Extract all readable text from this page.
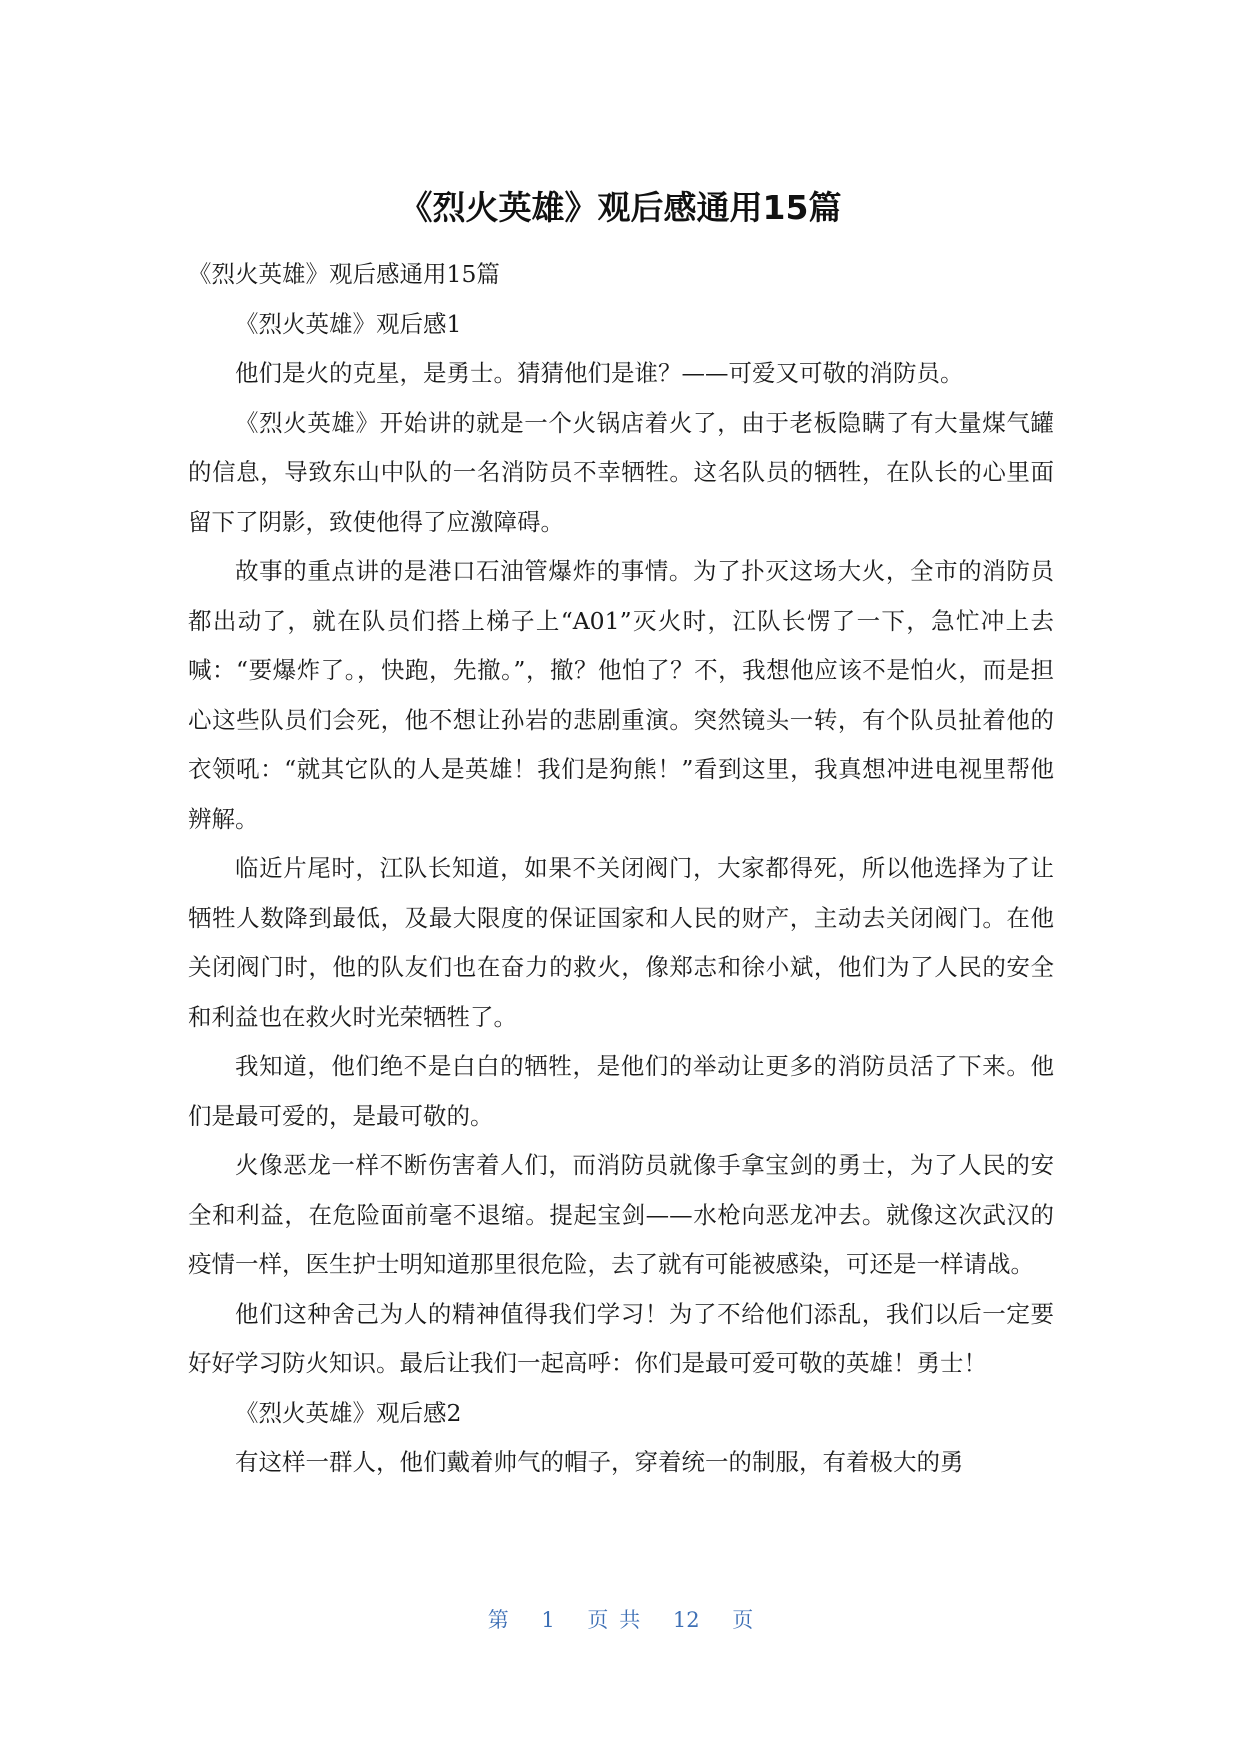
《烈火英雄》观后感通用15篇

《烈火英雄》观后感通用15篇

《烈火英雄》观后感1

他们是火的克星，是勇士。猜猜他们是谁？——可爱又可敬的消防员。

《烈火英雄》开始讲的就是一个火锅店着火了，由于老板隐瞒了有大量煤气罐的信息，导致东山中队的一名消防员不幸牺牲。这名队员的牺牲，在队长的心里面留下了阴影，致使他得了应激障碍。

故事的重点讲的是港口石油管爆炸的事情。为了扑灭这场大火，全市的消防员都出动了，就在队员们搭上梯子上“A01”灭火时，江队长愣了一下，急忙冲上去喊：“要爆炸了。，快跑，先撤。”，撤？他怕了？不，我想他应该不是怕火，而是担心这些队员们会死，他不想让孙岩的悲剧重演。突然镜头一转，有个队员扯着他的衣领吼：“就其它队的人是英雄！我们是狗熊！”看到这里，我真想冲进电视里帮他辨解。

临近片尾时，江队长知道，如果不关闭阀门，大家都得死，所以他选择为了让牺牲人数降到最低，及最大限度的保证国家和人民的财产，主动去关闭阀门。在他关闭阀门时，他的队友们也在奋力的救火，像郑志和徐小斌，他们为了人民的安全和利益也在救火时光荣牺牲了。

我知道，他们绝不是白白的牺牲，是他们的举动让更多的消防员活了下来。他们是最可爱的，是最可敬的。

火像恶龙一样不断伤害着人们，而消防员就像手拿宝剑的勇士，为了人民的安全和利益，在危险面前毫不退缩。提起宝剑——水枪向恶龙冲去。就像这次武汉的疫情一样，医生护士明知道那里很危险，去了就有可能被感染，可还是一样请战。

他们这种舍己为人的精神值得我们学习！为了不给他们添乱，我们以后一定要好好学习防火知识。最后让我们一起高呼：你们是最可爱可敬的英雄！勇士！

《烈火英雄》观后感2

有这样一群人，他们戴着帅气的帽子，穿着统一的制服，有着极大的勇

第 1 页 共 12 页
